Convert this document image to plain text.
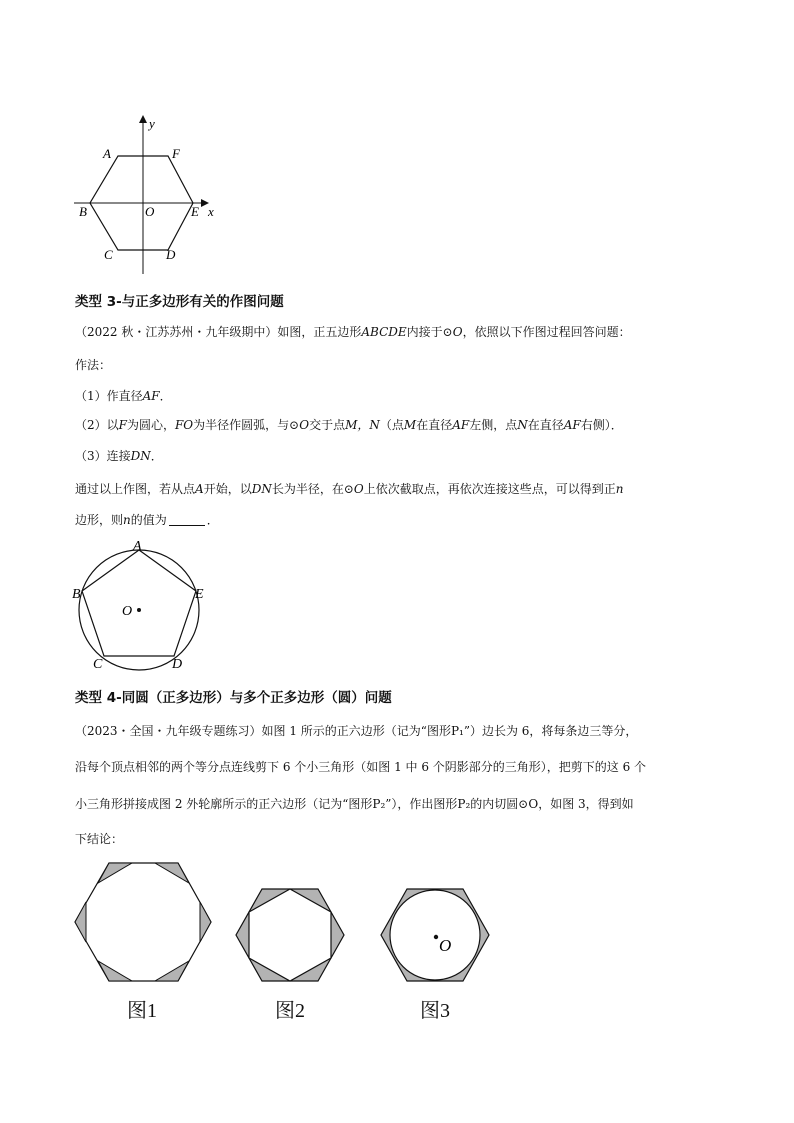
y
A	F
B	O	E x
C	D
类型 3-与正多边形有关的作图问题
（2022 秋・江苏苏州・九年级期中）如图，正五边形ABCDE内接于⊙O，依照以下作图过程回答问题：
作法：
（1）作直径AF．
（2）以F为圆心，FO为半径作圆弧，与⊙O交于点M，N（点M在直径AF左侧，点N在直径AF右侧）．
（3）连接DN．
通过以上作图，若从点A开始，以DN长为半径，在⊙O上依次截取点，再依次连接这些点，可以得到正n
边形，则n的值为	．
A
B	E
O
C	D
类型 4-同圆（正多边形）与多个正多边形（圆）问题
（2023・全国・九年级专题练习）如图 1 所示的正六边形（记为“图形P₁”）边长为 6，将每条边三等分，
沿每个顶点相邻的两个等分点连线剪下 6 个小三角形（如图 1 中 6 个阴影部分的三角形），把剪下的这 6 个
小三角形拼接成图 2 外轮廓所示的正六边形（记为“图形P₂”），作出图形P₂的内切圆⊙O，如图 3，得到如
下结论：
O
图1	图2	图3
